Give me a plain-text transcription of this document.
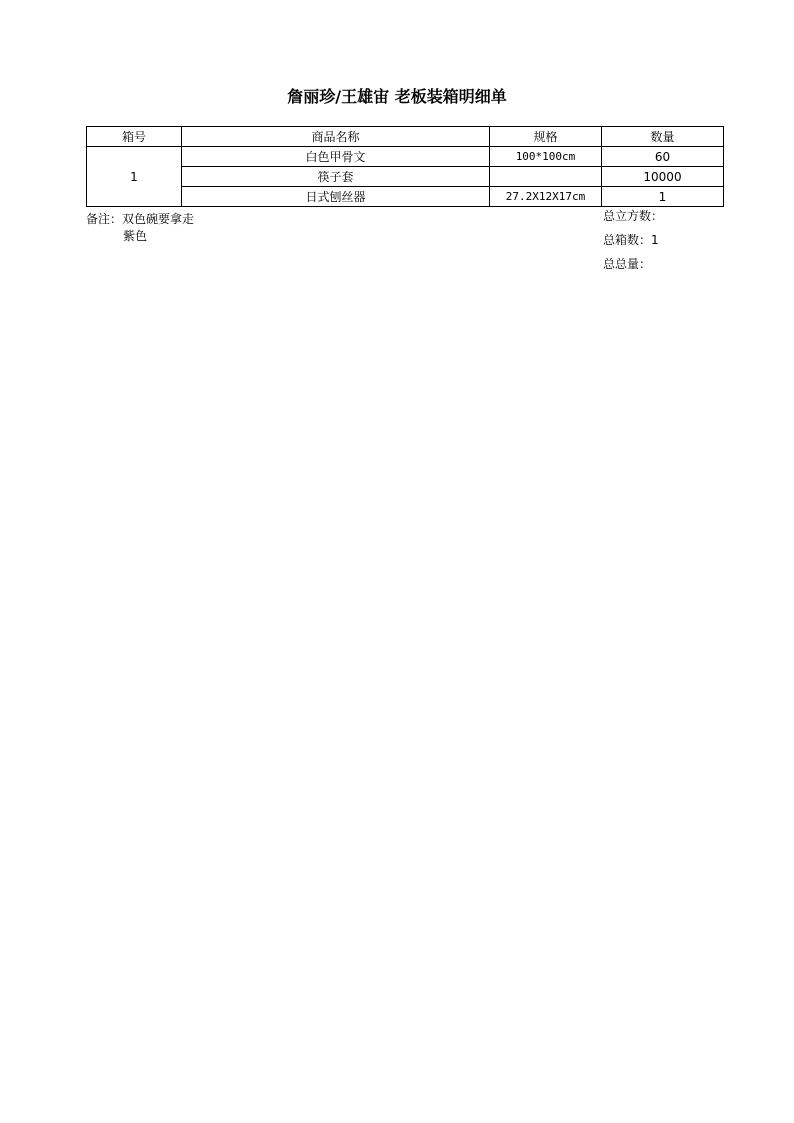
詹丽珍/王雄宙 老板装箱明细单
箱号	商品名称	规格	数量
1	白色甲骨文	100*100cm	60
	筷子套		10000
	日式刨丝器	27.2X12X17cm	1
备注：双色碗要拿走
紫色
总立方数：
总箱数：1
总总量：
